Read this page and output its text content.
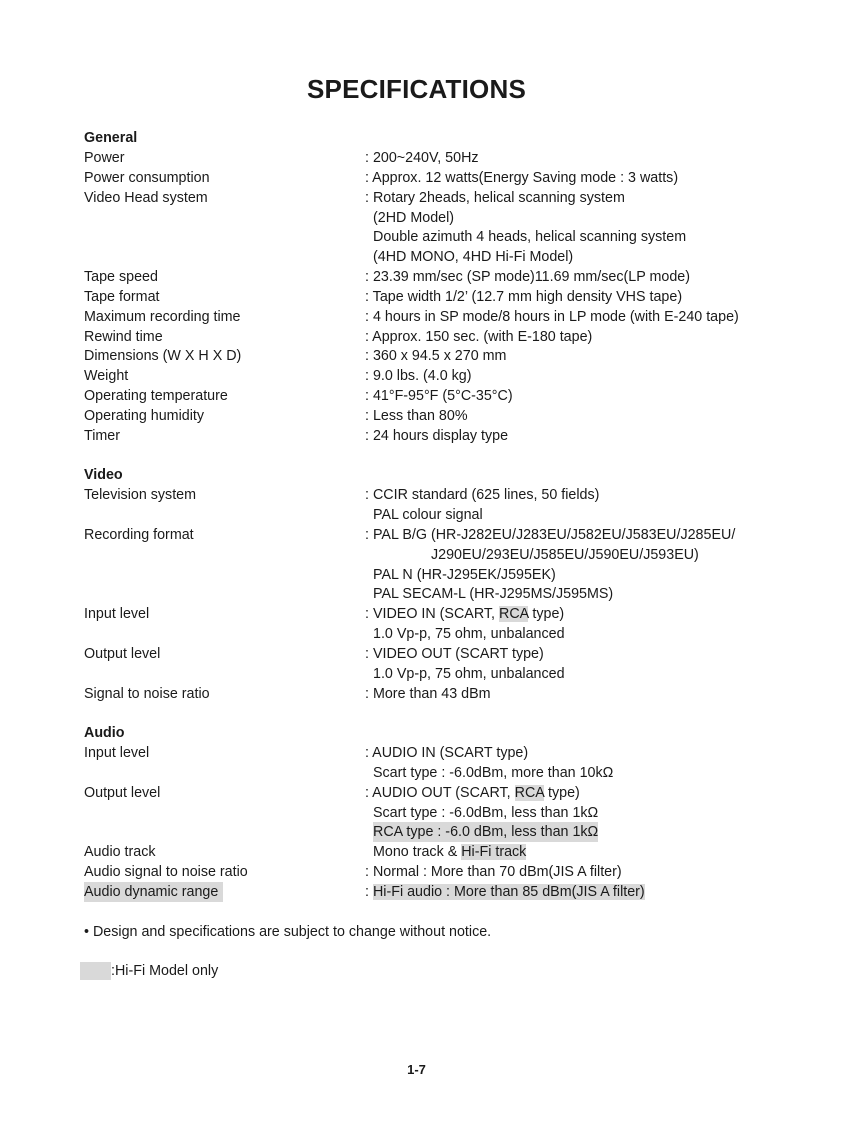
SPECIFICATIONS
General
Power	: 200~240V, 50Hz
Power consumption	: Approx. 12 watts(Energy Saving mode : 3 watts)
Video Head system	: Rotary 2heads, helical scanning system
(2HD Model)
Double azimuth 4 heads, helical scanning system
(4HD MONO, 4HD Hi-Fi Model)
Tape speed	: 23.39 mm/sec (SP mode)11.69 mm/sec(LP mode)
Tape format	: Tape width 1/2’ (12.7 mm high density VHS tape)
Maximum recording time	: 4 hours in SP mode/8 hours in LP mode (with E-240 tape)
Rewind time	: Approx. 150 sec. (with E-180 tape)
Dimensions (W X H X D)	: 360 x 94.5 x 270 mm
Weight	: 9.0 lbs. (4.0 kg)
Operating temperature	: 41°F-95°F (5°C-35°C)
Operating humidity	: Less than 80%
Timer	: 24 hours display type
Video
Television system	: CCIR standard (625 lines, 50 fields)
PAL colour signal
Recording format	: PAL B/G (HR-J282EU/J283EU/J582EU/J583EU/J285EU/
J290EU/293EU/J585EU/J590EU/J593EU)
PAL N (HR-J295EK/J595EK)
PAL SECAM-L (HR-J295MS/J595MS)
Input level	: VIDEO IN (SCART, RCA type)
1.0 Vp-p, 75 ohm, unbalanced
Output level	: VIDEO OUT (SCART type)
1.0 Vp-p, 75 ohm, unbalanced
Signal to noise ratio	: More than 43 dBm
Audio
Input level	: AUDIO IN (SCART type)
Scart type : -6.0dBm, more than 10kΩ
Output level	: AUDIO OUT (SCART, RCA type)
Scart type : -6.0dBm, less than 1kΩ
RCA type : -6.0 dBm, less than 1kΩ
Audio track	Mono track & Hi-Fi track
Audio signal to noise ratio	: Normal : More than 70 dBm(JIS A filter)
Audio dynamic range	: Hi-Fi audio : More than 85 dBm(JIS A filter)
• Design and specifications are subject to change without notice.
:Hi-Fi Model only
1-7
